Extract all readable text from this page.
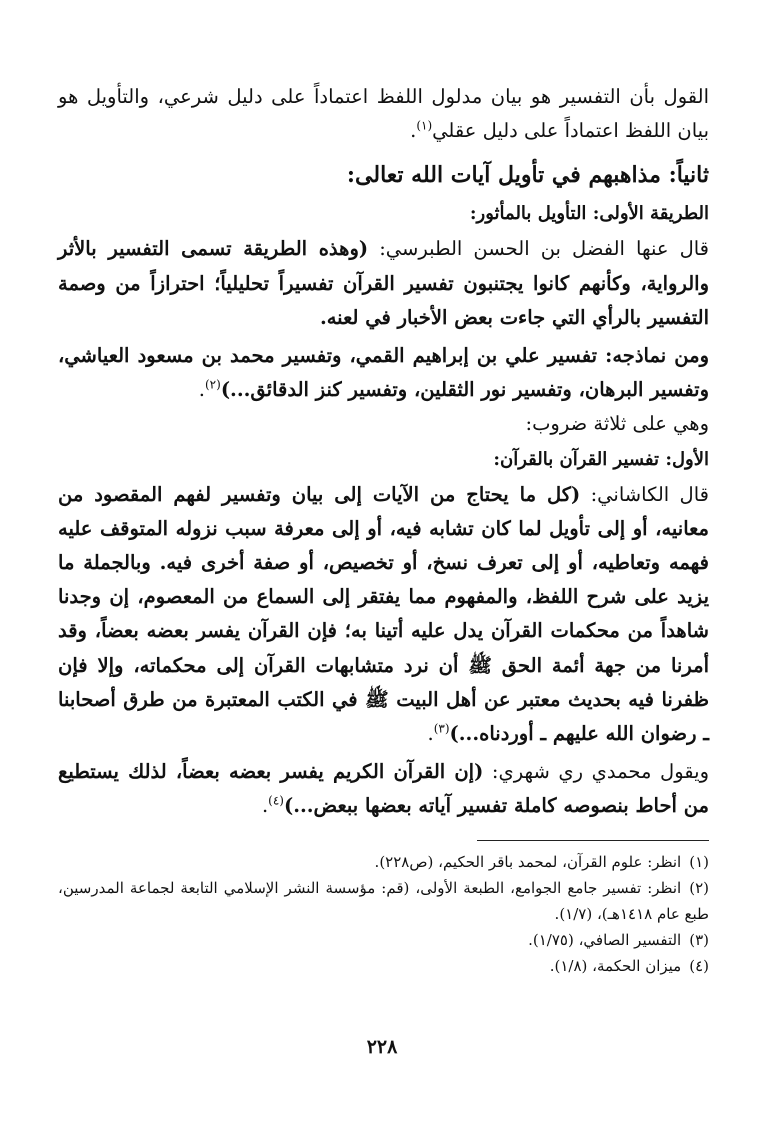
القول بأن التفسير هو بيان مدلول اللفظ اعتماداً على دليل شرعي، والتأويل هو بيان اللفظ اعتماداً على دليل عقلي$^{(١)}$.

ثانياً: مذاهبهم في تأويل آيات الله تعالى:

الطريقة الأولى: التأويل بالمأثور:

قال عنها الفضل بن الحسن الطبرسي: (وهذه الطريقة تسمى التفسير بالأثر والرواية، وكأنهم كانوا يجتنبون تفسير القرآن تفسيراً تحليلياً؛ احترازاً من وصمة التفسير بالرأي التي جاءت بعض الأخبار في لعنه.

ومن نماذجه: تفسير علي بن إبراهيم القمي، وتفسير محمد بن مسعود العياشي، وتفسير البرهان، وتفسير نور الثقلين، وتفسير كنز الدقائق...)$^{(٢)}$.

وهي على ثلاثة ضروب:

الأول: تفسير القرآن بالقرآن:

قال الكاشاني: (كل ما يحتاج من الآيات إلى بيان وتفسير لفهم المقصود من معانيه، أو إلى تأويل لما كان تشابه فيه، أو إلى معرفة سبب نزوله المتوقف عليه فهمه وتعاطيه، أو إلى تعرف نسخ، أو تخصيص، أو صفة أخرى فيه. وبالجملة ما يزيد على شرح اللفظ، والمفهوم مما يفتقر إلى السماع من المعصوم، إن وجدنا شاهداً من محكمات القرآن يدل عليه أتينا به؛ فإن القرآن يفسر بعضه بعضاً، وقد أمرنا من جهة أئمة الحق ﷺ أن نرد متشابهات القرآن إلى محكماته، وإلا فإن ظفرنا فيه بحديث معتبر عن أهل البيت ﷺ في الكتب المعتبرة من طرق أصحابنا ـ رضوان الله عليهم ـ أوردناه...)$^{(٣)}$.

ويقول محمدي ري شهري: (إن القرآن الكريم يفسر بعضه بعضاً، لذلك يستطيع من أحاط بنصوصه كاملة تفسير آياته بعضها ببعض...)$^{(٤)}$.

(١)انظر: علوم القرآن، لمحمد باقر الحكيم، (ص٢٢٨).
(٢)انظر: تفسير جامع الجوامع، الطبعة الأولى، (قم: مؤسسة النشر الإسلامي التابعة لجماعة المدرسين، طبع عام ١٤١٨هـ)، (١/٧).
(٣)التفسير الصافي، (١/٧٥).
(٤)ميزان الحكمة، (١/٨).
٢٢٨
